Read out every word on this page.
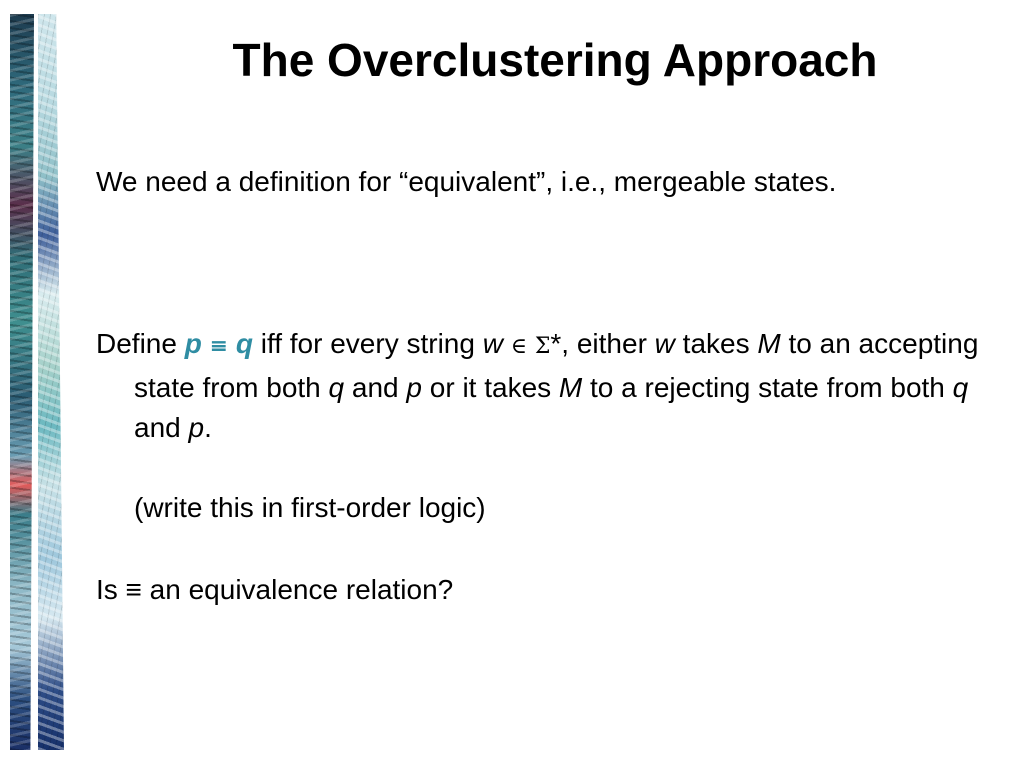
The Overclustering Approach

We need a definition for “equivalent”, i.e., mergeable states.

Define p ≡ q iff for every string w ∈ Σ*, either w takes M to an accepting state from both q and p or it takes M to a rejecting state from both q and p.

(write this in first-order logic)

Is ≡ an equivalence relation?
